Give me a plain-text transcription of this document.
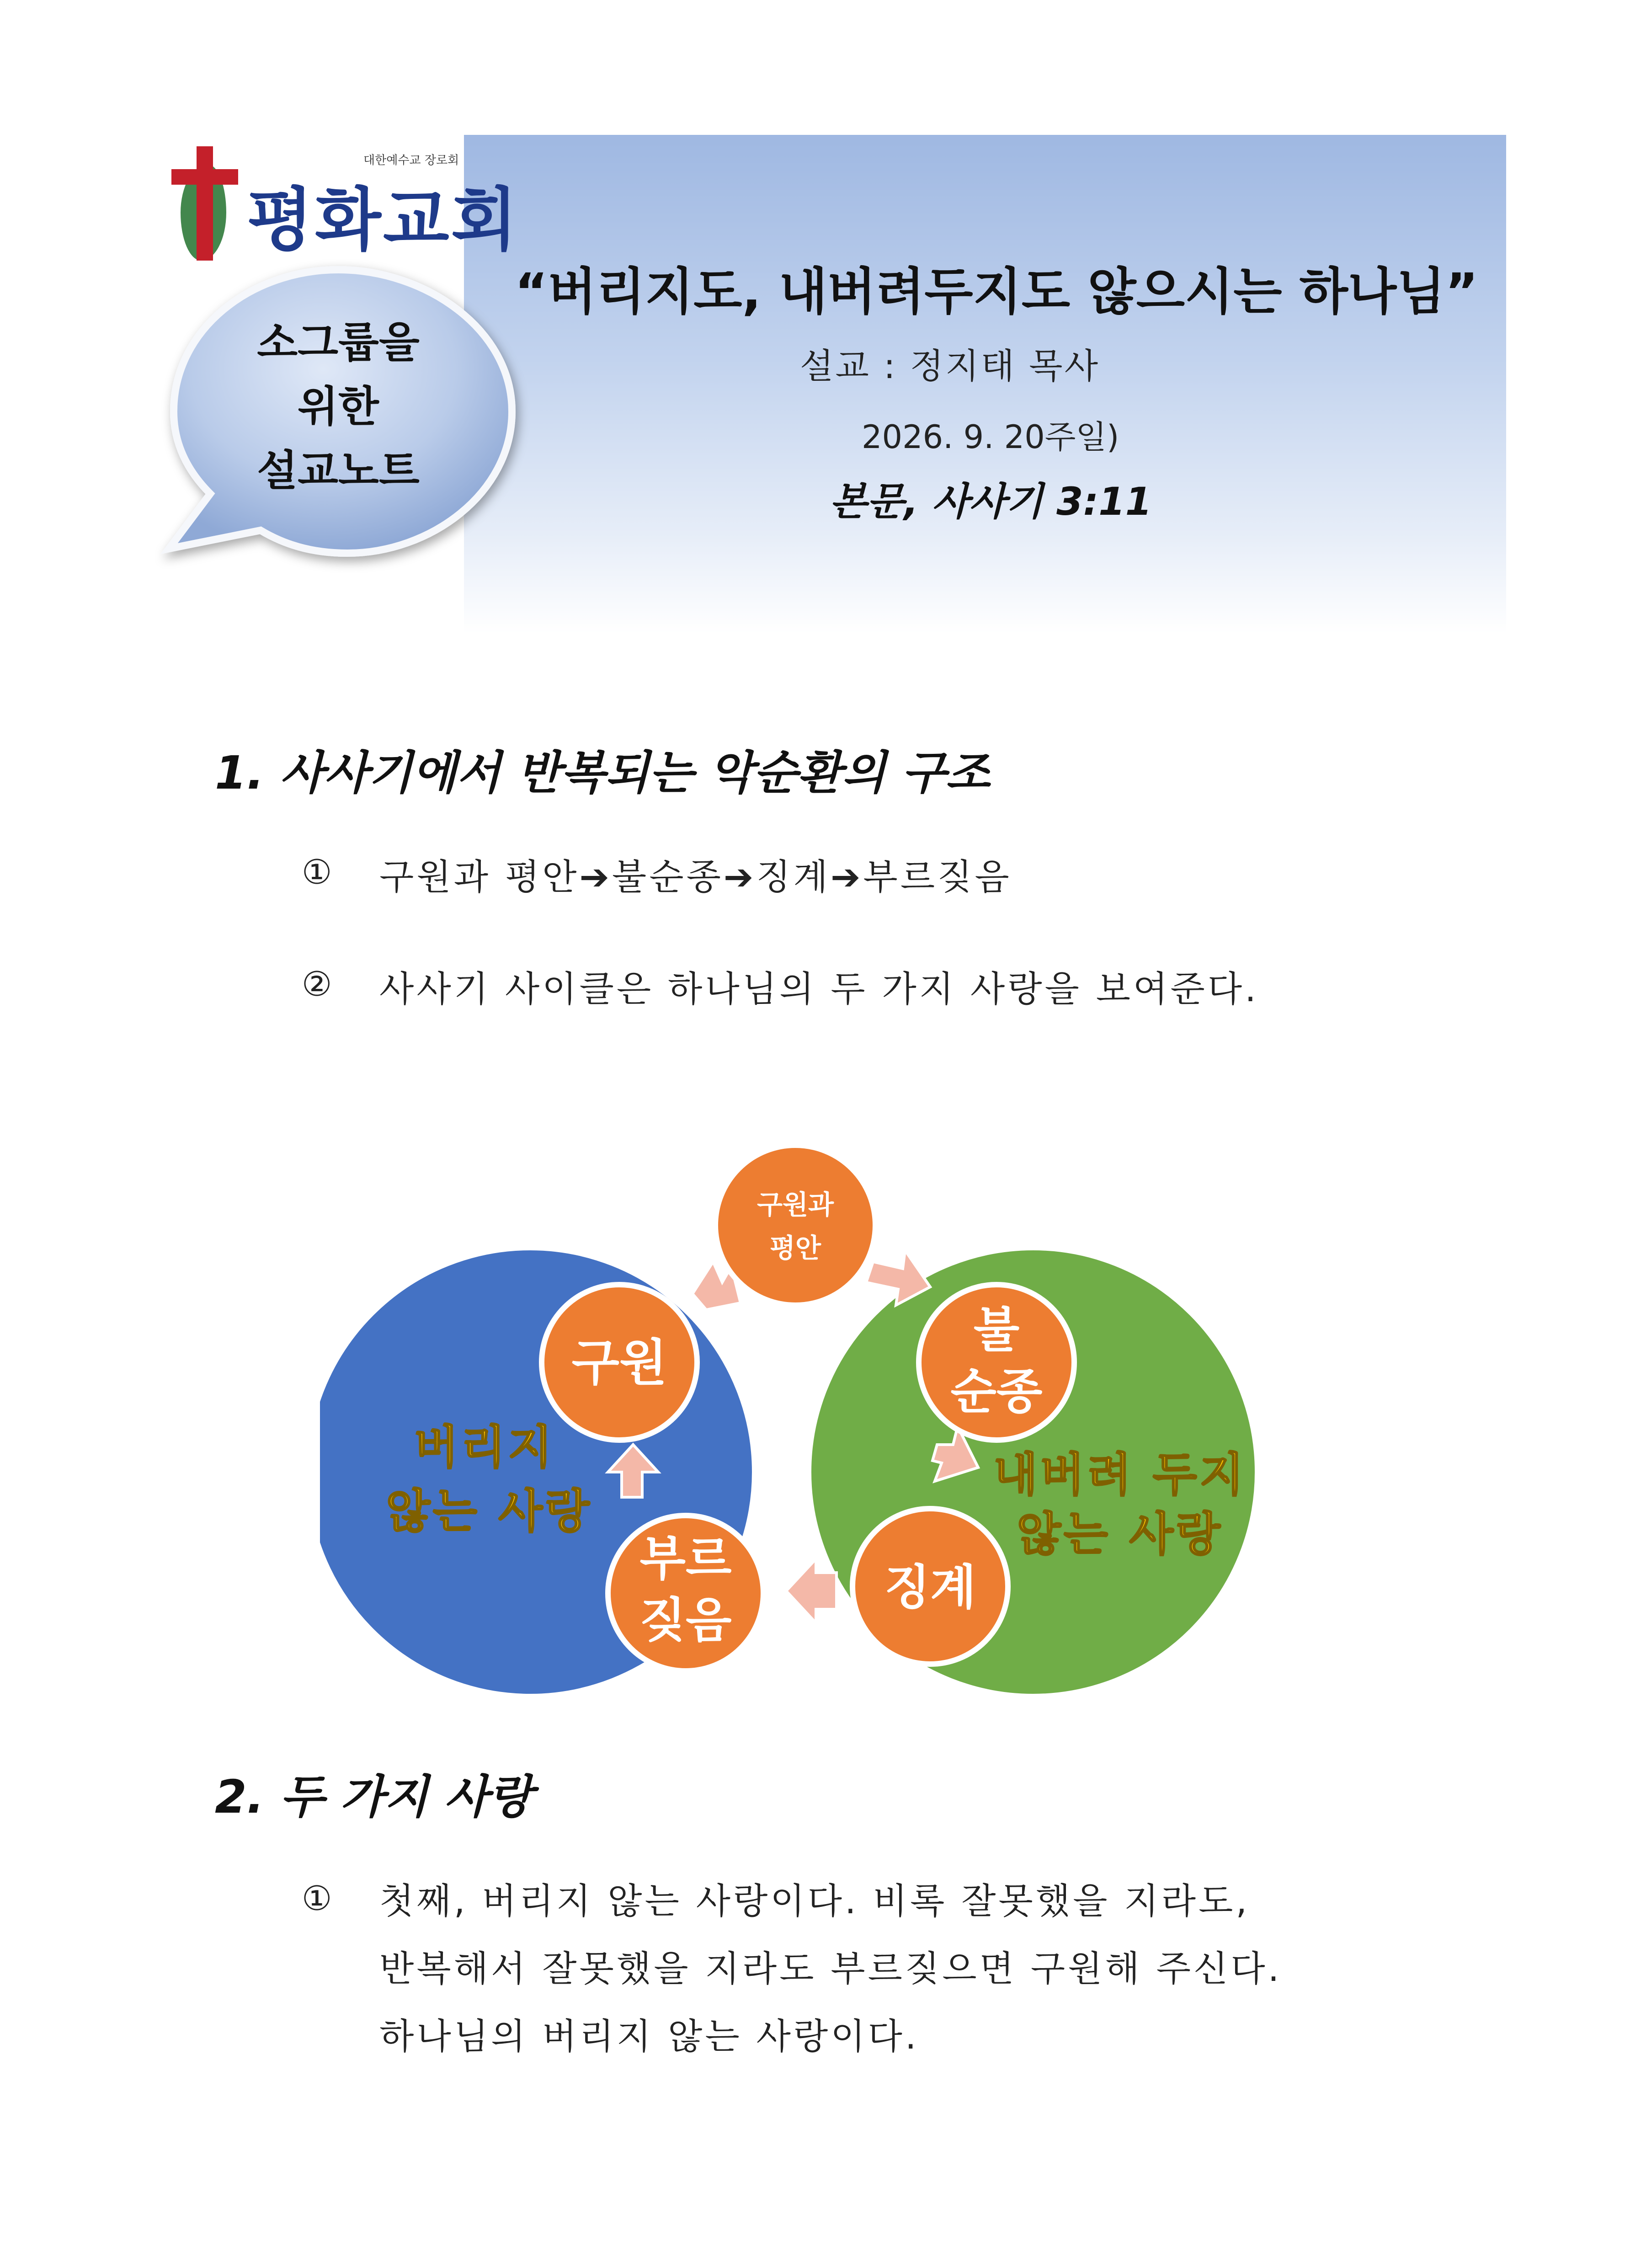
대한예수교 장로회
평화교회
소그룹을
위한
설교노트
“버리지도, 내버려두지도 않으시는 하나님”
설교 : 정지태 목사
2026. 9. 20주일)
본문, 사사기 3:11
1. 사사기에서 반복되는 악순환의 구조
① 구원과 평안➔불순종➔징계➔부르짖음
② 사사기 사이클은 하나님의 두 가지 사랑을 보여준다.
구원과
평안
구원
부르
짖음
불
순종
징계
버리지
않는 사랑
내버려 두지
않는 사랑
2. 두 가지 사랑
① 첫째, 버리지 않는 사랑이다. 비록 잘못했을 지라도,
반복해서 잘못했을 지라도 부르짖으면 구원해 주신다.
하나님의 버리지 않는 사랑이다.
